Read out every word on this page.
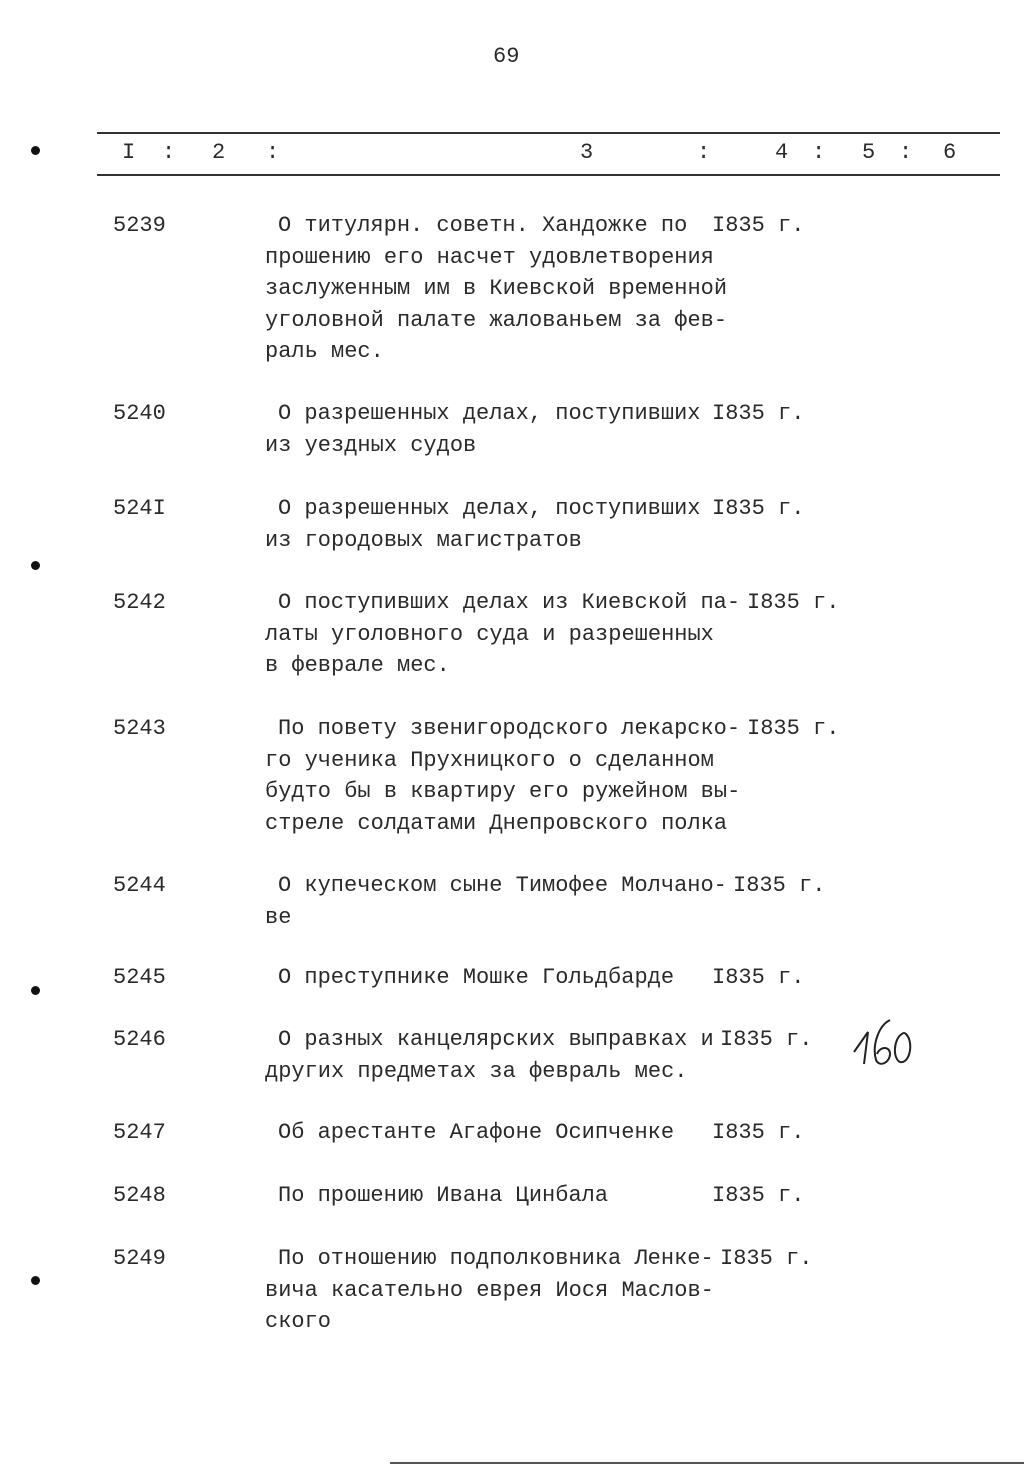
69
I : 2 :	3	:	4 : 5 : 6
5239	О титулярн. советн. Хандожке по
прошению его насчет удовлетворения
заслуженным им в Киевской временной
уголовной палате жалованьем за фев-
раль мес.
I835 г.
5240	О разрешенных делах, поступивших
из уездных судов
I835 г.
524I	О разрешенных делах, поступивших
из городовых магистратов
I835 г.
5242	О поступивших делах из Киевской па-
латы уголовного суда и разрешенных
в феврале мес.
I835 г.
5243	По повету звенигородского лекарско-
го ученика Прухницкого о сделанном
будто бы в квартиру его ружейном вы-
стреле солдатами Днепровского полка
I835 г.
5244	О купеческом сыне Тимофее Молчано-
ве
I835 г.
5245	О преступнике Мошке Гольдбарде I835 г.
5246	О разных канцелярских выправках и
других предметах за февраль мес.
I835 г.
5247	Об арестанте Агафоне Осипченке I835 г.
5248	По прошению Ивана Цинбала	I835 г.
5249	По отношению подполковника Ленке-
вича касательно еврея Иося Маслов-
ского
I835 г.
